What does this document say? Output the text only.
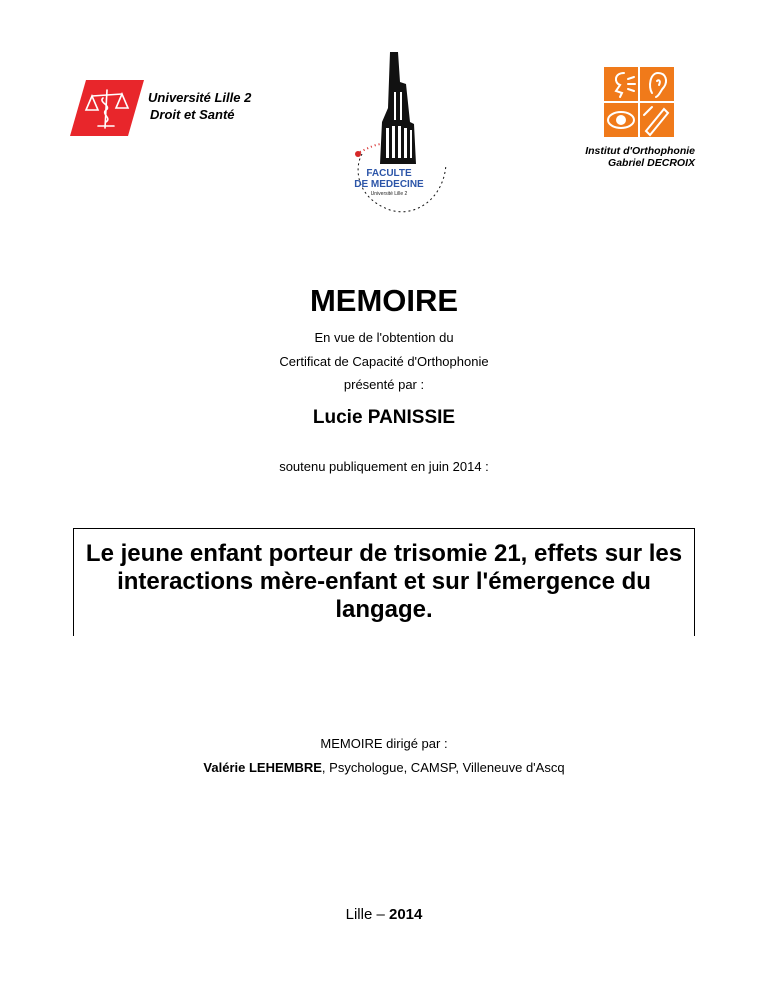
Université Lille 2
Droit et Santé
FACULTE
DE MEDECINE
Université Lille 2
Institut d'Orthophonie
Gabriel DECROIX
MEMOIRE
En vue de l'obtention du
Certificat de Capacité d'Orthophonie
présenté par :
Lucie PANISSIE
soutenu publiquement en juin 2014 :
Le jeune enfant porteur de trisomie 21, effets sur les interactions mère-enfant et sur l'émergence du langage.
MEMOIRE dirigé par :
Valérie LEHEMBRE, Psychologue, CAMSP, Villeneuve d'Ascq
Lille – 2014
